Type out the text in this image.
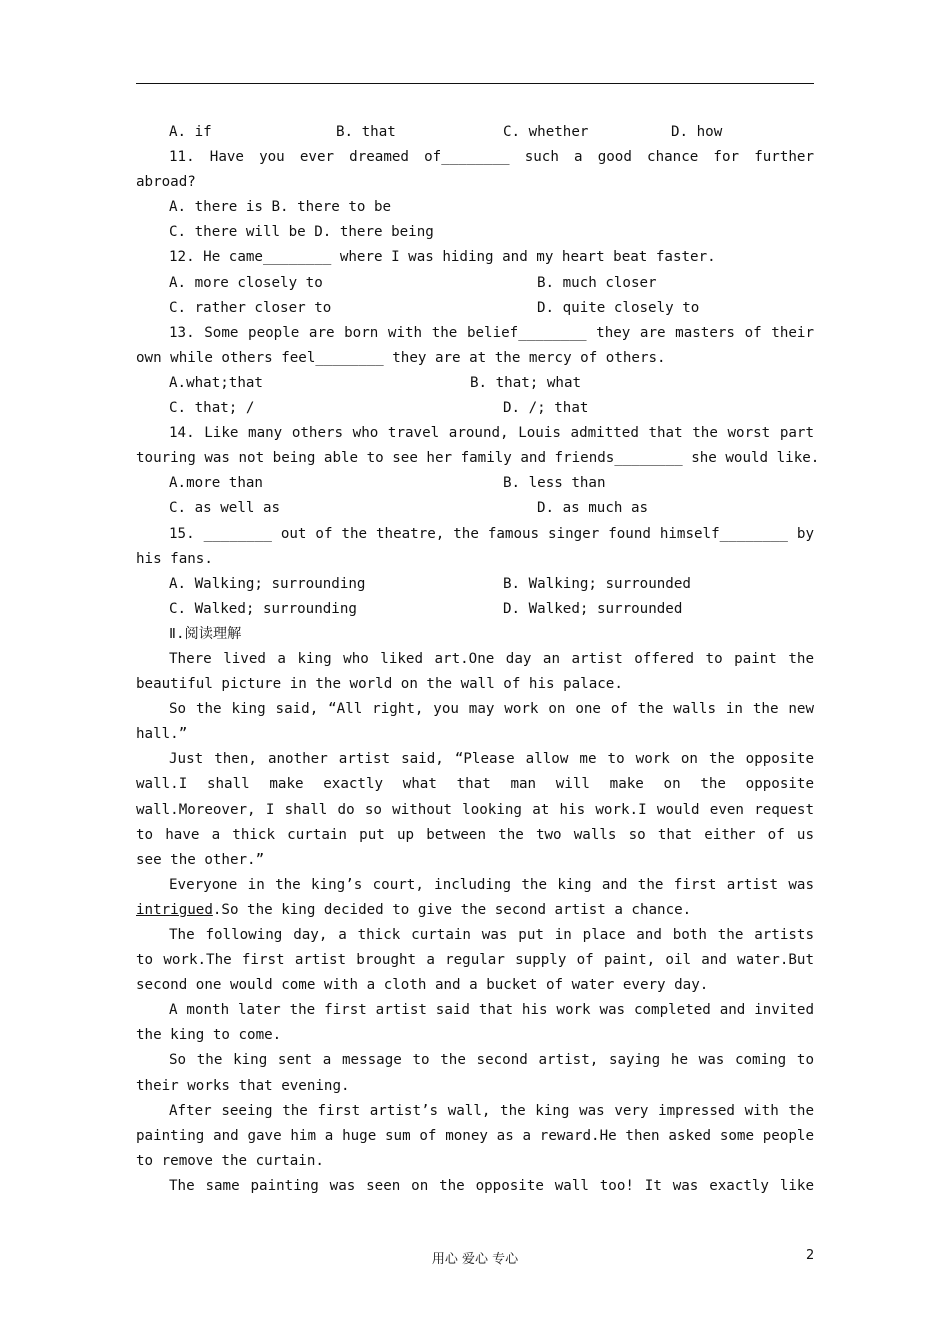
A. if	B. that	C. whether	D. how
11. Have you ever dreamed of________ such a good chance for further
abroad?
A. there is B. there to be
C. there will be D. there being
12. He came________ where I was hiding and my heart beat faster.
A. more closely to	B. much closer
C. rather closer to	D. quite closely to
13. Some people are born with the belief________ they are masters of their
own while others feel________ they are at the mercy of others.
A.what;that	B. that; what
C. that; /	D. /; that
14. Like many others who travel around, Louis admitted that the worst part
touring was not being able to see her family and friends________ she would like.
A.more than	B. less than
C. as well as	D. as much as
15. ________ out of the theatre, the famous singer found himself________ by
his fans.
A. Walking; surrounding	B. Walking; surrounded
C. Walked; surrounding	D. Walked; surrounded
Ⅱ.阅读理解
There lived a king who liked art.One day an artist offered to paint the
beautiful picture in the world on the wall of his palace.
So the king said, “All right, you may work on one of the walls in the new
hall.”
Just then, another artist said, “Please allow me to work on the opposite
wall.I shall make exactly what that man will make on the opposite
wall.Moreover, I shall do so without looking at his work.I would even request
to have a thick curtain put up between the two walls so that either of us
see the other.”
Everyone in the king’s court, including the king and the first artist was
intrigued.So the king decided to give the second artist a chance.
The following day, a thick curtain was put in place and both the artists
to work.The first artist brought a regular supply of paint, oil and water.But
second one would come with a cloth and a bucket of water every day.
A month later the first artist said that his work was completed and invited
the king to come.
So the king sent a message to the second artist, saying he was coming to
their works that evening.
After seeing the first artist’s wall, the king was very impressed with the
painting and gave him a huge sum of money as a reward.He then asked some people
to remove the curtain.
The same painting was seen on the opposite wall too! It was exactly like
用心 爱心 专心	2
